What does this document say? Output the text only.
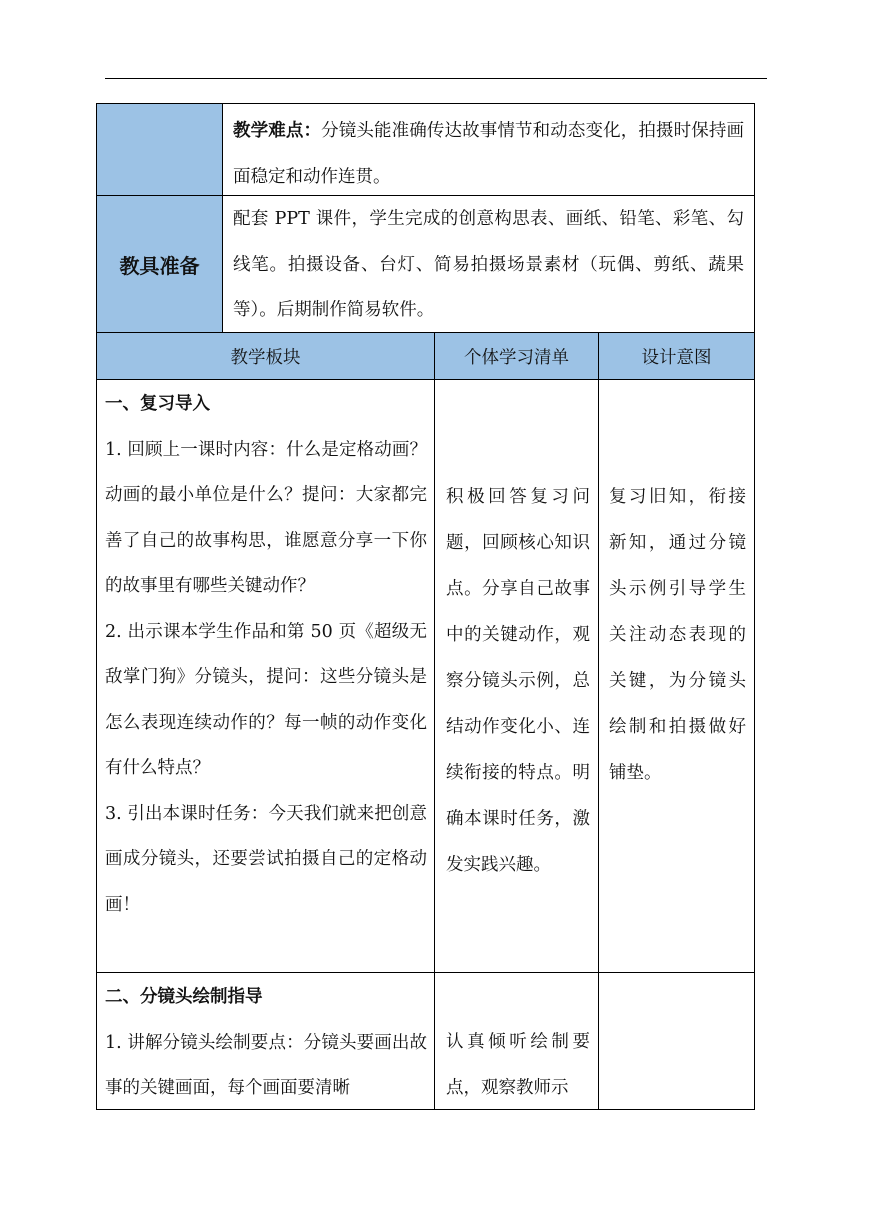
教学难点：分镜头能准确传达故事情节和动态变化，拍摄时保持画面稳定和动作连贯。

教具准备

配套 PPT 课件，学生完成的创意构思表、画纸、铅笔、彩笔、勾线笔。拍摄设备、台灯、简易拍摄场景素材（玩偶、剪纸、蔬果等）。后期制作简易软件。

教学板块	个体学习清单	设计意图

一、复习导入

1. 回顾上一课时内容：什么是定格动画？动画的最小单位是什么？提问：大家都完善了自己的故事构思，谁愿意分享一下你的故事里有哪些关键动作？

2. 出示课本学生作品和第 50 页《超级无敌掌门狗》分镜头，提问：这些分镜头是怎么表现连续动作的？每一帧的动作变化有什么特点？

3. 引出本课时任务：今天我们就来把创意画成分镜头，还要尝试拍摄自己的定格动画！

积极回答复习问题，回顾核心知识点。分享自己故事中的关键动作，观察分镜头示例，总结动作变化小、连续衔接的特点。明确本课时任务，激发实践兴趣。

复习旧知，衔接新知，通过分镜头示例引导学生关注动态表现的关键，为分镜头绘制和拍摄做好铺垫。

二、分镜头绘制指导

1. 讲解分镜头绘制要点：分镜头要画出故事的关键画面，每个画面要清晰

认真倾听绘制要点，观察教师示
